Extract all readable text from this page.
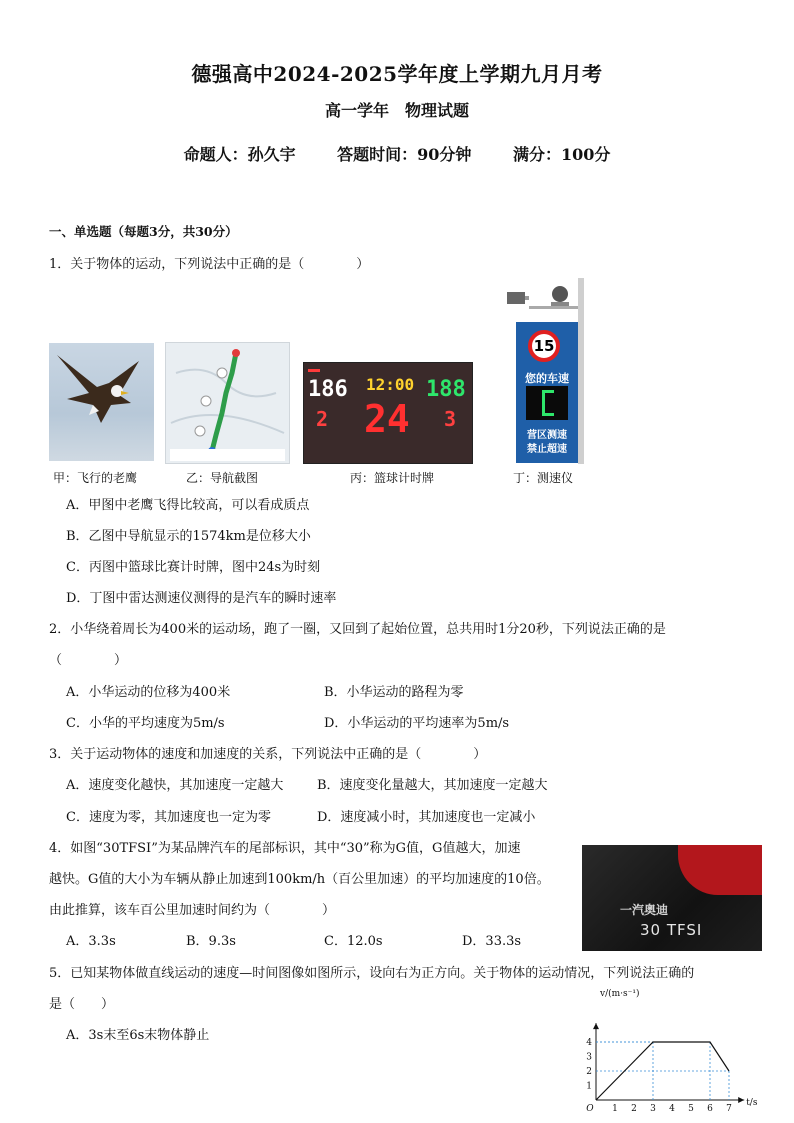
德强高中2024-2025学年度上学期九月月考
高一学年　物理试题
命题人：孙久宇	答题时间：90分钟	满分：100分
一、单选题（每题3分，共30分）
1．关于物体的运动，下列说法中正确的是（　　　　）
186 12:00 188
2 24 3
15
您的车速
营区测速
禁止超速
甲：飞行的老鹰	乙：导航截图	丙：篮球计时牌	丁：测速仪
A．甲图中老鹰飞得比较高，可以看成质点
B．乙图中导航显示的1574km是位移大小
C．丙图中篮球比赛计时牌，图中24s为时刻
D．丁图中雷达测速仪测得的是汽车的瞬时速率
2．小华绕着周长为400米的运动场，跑了一圈，又回到了起始位置，总共用时1分20秒，下列说法正确的是
（　　　　）
A．小华运动的位移为400米	B．小华运动的路程为零
C．小华的平均速度为5m/s	D．小华运动的平均速率为5m/s
3．关于运动物体的速度和加速度的关系，下列说法中正确的是（　　　　）
A．速度变化越快，其加速度一定越大	B．速度变化量越大，其加速度一定越大
C．速度为零，其加速度也一定为零	D．速度减小时，其加速度也一定减小
4．如图“30TFSI”为某品牌汽车的尾部标识，其中“30”称为G值，G值越大，加速
越快。G值的大小为车辆从静止加速到100km/h（百公里加速）的平均加速度的10倍。
由此推算，该车百公里加速时间约为（　　　　）
A．3.3s	B．9.3s	C．12.0s	D．33.3s
一汽奥迪
30 TFSI
5．已知某物体做直线运动的速度—时间图像如图所示，设向右为正方向。关于物体的运动情况，下列说法正确的
是（　　）
A．3s末至6s末物体静止
1 2 3 4 5 6 7
1
2
3
4
O
t/s
v/(m·s⁻¹)
